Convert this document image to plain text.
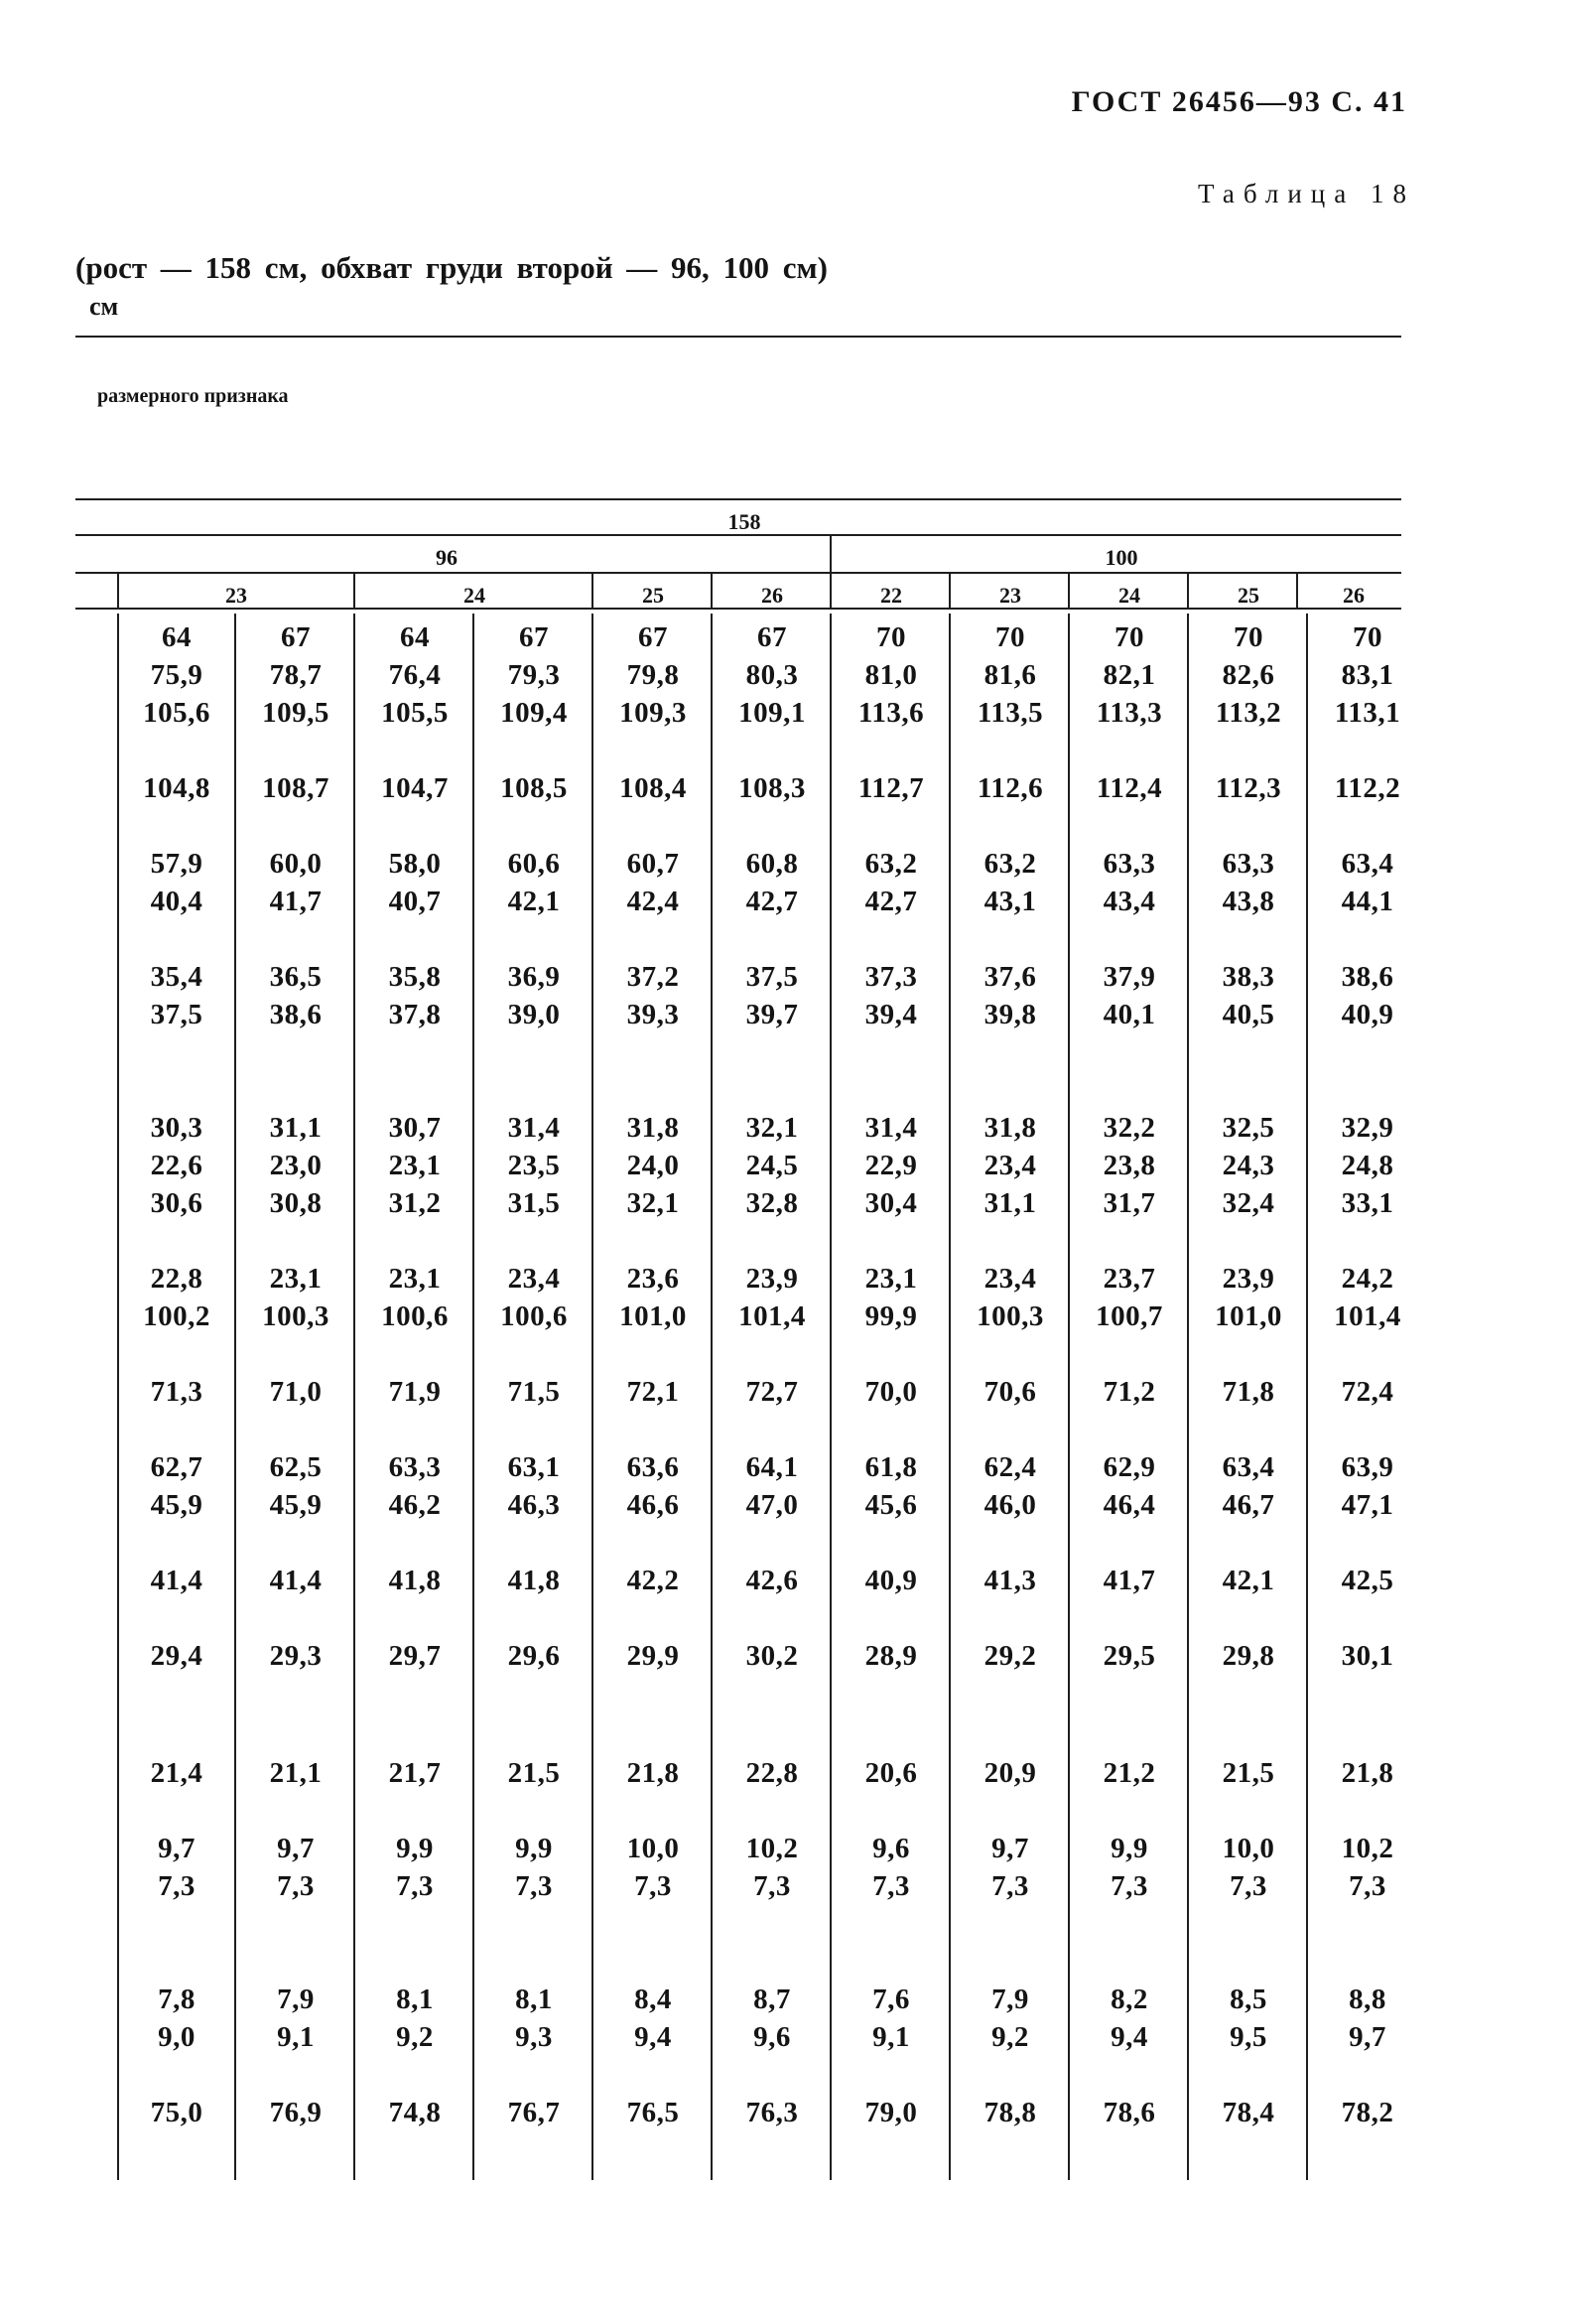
ГОСТ 26456—93 С. 41
Таблица 18
(рост — 158 см, обхват груди второй — 96, 100 см)
см
размерного признака
158
96	100
23	24	25	26	22	23	24	25	26
64	67	64	67	67	67	70	70	70	70	70
75,9	78,7	76,4	79,3	79,8	80,3	81,0	81,6	82,1	82,6	83,1
105,6	109,5	105,5	109,4	109,3	109,1	113,6	113,5	113,3	113,2	113,1
104,8	108,7	104,7	108,5	108,4	108,3	112,7	112,6	112,4	112,3	112,2
57,9	60,0	58,0	60,6	60,7	60,8	63,2	63,2	63,3	63,3	63,4
40,4	41,7	40,7	42,1	42,4	42,7	42,7	43,1	43,4	43,8	44,1
35,4	36,5	35,8	36,9	37,2	37,5	37,3	37,6	37,9	38,3	38,6
37,5	38,6	37,8	39,0	39,3	39,7	39,4	39,8	40,1	40,5	40,9
30,3	31,1	30,7	31,4	31,8	32,1	31,4	31,8	32,2	32,5	32,9
22,6	23,0	23,1	23,5	24,0	24,5	22,9	23,4	23,8	24,3	24,8
30,6	30,8	31,2	31,5	32,1	32,8	30,4	31,1	31,7	32,4	33,1
22,8	23,1	23,1	23,4	23,6	23,9	23,1	23,4	23,7	23,9	24,2
100,2	100,3	100,6	100,6	101,0	101,4	99,9	100,3	100,7	101,0	101,4
71,3	71,0	71,9	71,5	72,1	72,7	70,0	70,6	71,2	71,8	72,4
62,7	62,5	63,3	63,1	63,6	64,1	61,8	62,4	62,9	63,4	63,9
45,9	45,9	46,2	46,3	46,6	47,0	45,6	46,0	46,4	46,7	47,1
41,4	41,4	41,8	41,8	42,2	42,6	40,9	41,3	41,7	42,1	42,5
29,4	29,3	29,7	29,6	29,9	30,2	28,9	29,2	29,5	29,8	30,1
21,4	21,1	21,7	21,5	21,8	22,8	20,6	20,9	21,2	21,5	21,8
9,7	9,7	9,9	9,9	10,0	10,2	9,6	9,7	9,9	10,0	10,2
7,3	7,3	7,3	7,3	7,3	7,3	7,3	7,3	7,3	7,3	7,3
7,8	7,9	8,1	8,1	8,4	8,7	7,6	7,9	8,2	8,5	8,8
9,0	9,1	9,2	9,3	9,4	9,6	9,1	9,2	9,4	9,5	9,7
75,0	76,9	74,8	76,7	76,5	76,3	79,0	78,8	78,6	78,4	78,2
